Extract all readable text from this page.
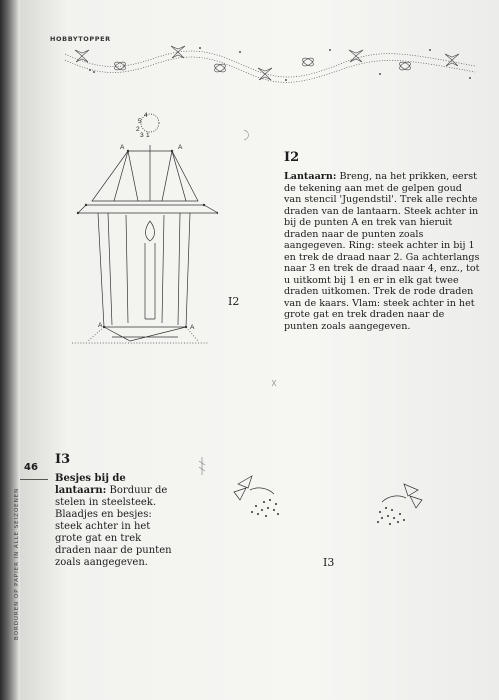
HOBBYTOPPER
4
5
2
3 1
A	A
A	A
I2

I2

Lantaarn: Breng, na het prikken, eerst de tekening aan met de gelpen goud van stencil 'Jugendstil'. Trek alle rechte draden van de lantaarn. Steek achter in bij de punten A en trek van hieruit draden naar de punten zoals aangegeven. Ring: steek achter in bij 1 en trek de draad naar 2. Ga achterlangs naar 3 en trek de draad naar 4, enz., tot u uitkomt bij 1 en er in elk gat twee draden uitkomen. Trek de rode draden van de kaars. Vlam: steek achter in het grote gat en trek draden naar de punten zoals aangegeven.

46
BORDUREN OP PAPIER IN ALLE SEIZOENEN

I3

Besjes bij de lantaarn: Borduur de stelen in steelsteek. Blaadjes en besjes: steek achter in het grote gat en trek draden naar de punten zoals aangegeven.	I3
